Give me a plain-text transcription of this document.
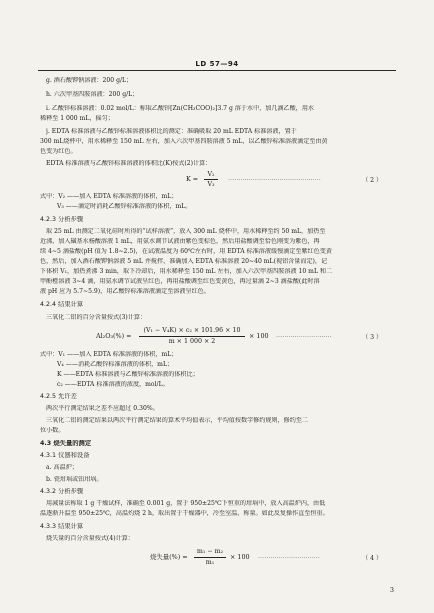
LD 57—94
g. 酒石酸钾钠溶液：200 g/L；
h. 六次甲基四胺溶液：200 g/L；
i. 乙酸锌标准溶液：0.02 mol/L：称取乙酸锌[Zn(CH₃COO)₂]3.7 g 溶于水中，加几滴乙酸，用水
稀释至 1 000 mL，摇匀；
j. EDTA 标准溶液与乙酸锌标准溶液体积比的测定：准确吸取 20 mL EDTA 标准溶液，置于
300 mL烧杯中，用水稀释至 150 mL 左右，加入六次甲基四胺溶液 5 mL，以乙酸锌标准溶液滴定至由黄
色变为红色。
EDTA 标准溶液与乙酸锌标准溶液的体积比(K)按式(2)计算：
K =
V₂
V₃
………………………………………	（ 2 ）
式中：V₂ ——加入 EDTA 标准溶液的体积，mL；
V₃ ——滴定时消耗乙酸锌标准溶液的体积，mL。
4.2.3 分析步骤
取 25 mL 由测定二氧化硅时所得的“试样溶液”，放入 300 mL 烧杯中，用水稀释至约 50 mL，加热至
近沸，加入磺基水杨酸溶液 1 mL，用氨水调节试液由紫色变棕色，然后用盐酸调至恰色刚变为紫色，再
续 4~5 滴盐酸(pH 值为 1.8~2.5)，在试液温度为 60℃左右时，用 EDTA 标准溶液缓慢滴定至紫红色变黄
色，然后，加入酒石酸钾钠溶液 5 mL 并搅拌，准确加入 EDTA 标准溶液 20~40 mL(视铝含量而定)，记
下体积 V₁，加热煮沸 3 min，取下冷却后，用水稀释至 150 mL 左右，加入六次甲基四胺溶液 10 mL 和二
甲酚橙溶液 3~4 滴，用氨水调节试液呈红色，再用盐酸调至红色变黄色，再过量滴 2~3 滴盐酸(此时溶
液 pH 应为 5.7~5.9)，用乙酸锌标准溶液滴定至溶液呈红色。
4.2.4 结果计算
三氧化二铝的百分含量按式(3)计算：
Al₂O₃(%) =
(V₁ − V₄K) × c₂ × 101.96 × 10
m × 1 000 × 2
× 100 ………………………	（ 3 ）
式中：V₁ ——加入 EDTA 标准溶液的体积，mL；
V₄ ——消耗乙酸锌标准溶液的体积，mL；
K ——EDTA 标准溶液与乙酸锌标准溶液的体积比；
c₂ ——EDTA 标准溶液的浓度，mol/L。
4.2.5 允许差
两次平行测定结果之差不应超过 0.30%。
三氧化二铝的测定结果以两次平行测定结果的算术平均值表示，平均值按数字修约规则，修约至二
位小数。
4.3 烧失量的测定
4.3.1 仪器和设备
a. 高温炉；
b. 瓷坩埚或铂坩埚。
4.3.2 分析步骤
用减量法称取 1 g 干燥试样，准确至 0.001 g，置于 950±25℃下恒重的坩埚中，放入高温炉内，由低
温逐渐升温至 950±25℃，高温灼烧 2 h，取出置于干燥器中，冷至室温，称量。如此反复操作直至恒重。
4.3.3 结果计算
烧失量的百分含量按式(4)计算：
烧失量(%) =
m₁ − m₂
m₁
× 100 …………………………	（ 4 ）
3
